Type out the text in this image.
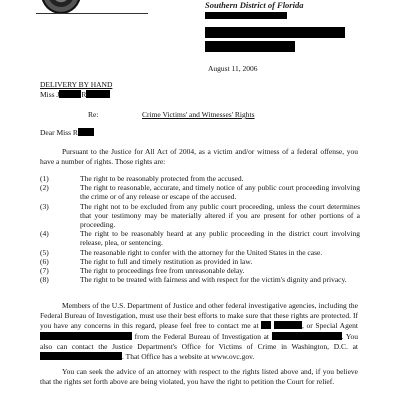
Southern District of Florida
August 11, 2006
DELIVERY BY HAND
Miss J	R
Re:	Crime Victims' and Witnesses' Rights
Dear Miss R
Pursuant to the Justice for All Act of 2004, as a victim and/or witness of a federal offense, you have a number of rights. Those rights are:
(1)	The right to be reasonably protected from the accused.
(2)	The right to reasonable, accurate, and timely notice of any public court proceeding involving the crime or of any release or escape of the accused.
(3)	The right not to be excluded from any public court proceeding, unless the court determines that your testimony may be materially altered if you are present for other portions of a proceeding.
(4)	The right to be reasonably heard at any public proceeding in the district court involving release, plea, or sentencing.
(5)	The reasonable right to confer with the attorney for the United States in the case.
(6)	The right to full and timely restitution as provided in law.
(7)	The right to proceedings free from unreasonable delay.
(8)	The right to be treated with fairness and with respect for the victim's dignity and privacy.
Members of the U.S. Department of Justice and other federal investigative agencies, including the Federal Bureau of Investigation, must use their best efforts to make sure that these rights are protected. If you have any concerns in this regard, please feel free to contact me at	, or Special Agent  from the Federal Bureau of Investigation at	. You also can contact the Justice Department's Office for Victims of Crime in Washington, D.C. at . That Office has a website at www.ovc.gov.
You can seek the advice of an attorney with respect to the rights listed above and, if you believe that the rights set forth above are being violated, you have the right to petition the Court for relief.
